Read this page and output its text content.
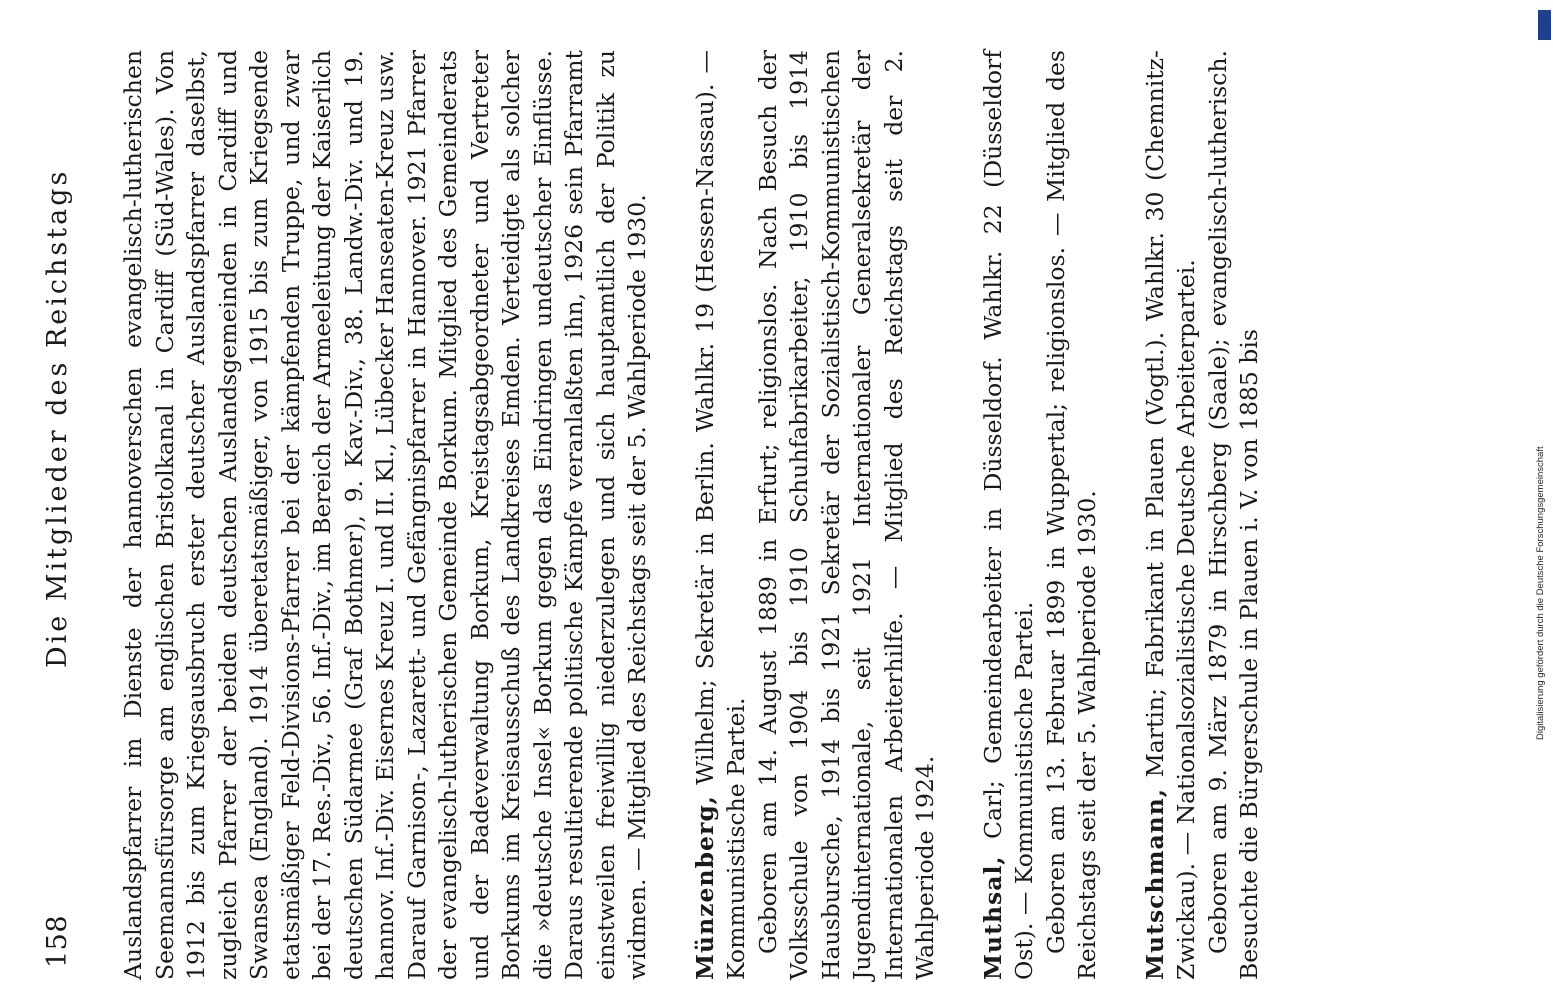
158
Die Mitglieder des Reichstags Auslandspfarrer im Dienste der hannoverschen evangelisch-lutherischen Seemannsfürsorge am englischen Bristolkanal in Cardiff (Süd-Wales). Von 1912 bis zum Kriegsausbruch erster deutscher Auslandspfarrer daselbst, zugleich Pfarrer der beiden deutschen Auslandsgemeinden in Cardiff und Swansea (England). 1914 überetatsmäßiger, von 1915 bis zum Kriegsende etatsmäßiger Feld-Divisions-Pfarrer bei der kämpfenden Truppe, und zwar bei der 17. Res.-Div., 56. Inf.-Div., im Bereich der Armeeleitung der Kaiserlich deutschen Südarmee (Graf Bothmer), 9. Kav.-Div., 38. Landw.-Div. und 19. hannov. Inf.-Div. Eisernes Kreuz I. und II. Kl., Lübecker Hanseaten-Kreuz usw. Darauf Garnison-, Lazarett- und Gefängnispfarrer in Hannover. 1921 Pfarrer der evangelisch-lutherischen Gemeinde Borkum. Mitglied des Gemeinderats und der Badeverwaltung Borkum, Kreistagsabgeordneter und Vertreter Borkums im Kreisausschuß des Landkreises Emden. Verteidigte als solcher die »deutsche Insel« Borkum gegen das Eindringen undeutscher Einflüsse. Daraus resultierende politische Kämpfe veranlaßten ihn, 1926 sein Pfarramt einstweilen freiwillig niederzulegen und sich hauptamtlich der Politik zu widmen. — Mitglied des Reichstags seit der 5. Wahlperiode 1930. Münzenberg, Wilhelm; Sekretär in Berlin. Wahlkr. 19 (Hessen-Nassau). — Kommunistische Partei. Geboren am 14. August 1889 in Erfurt; religionslos. Nach Besuch der Volksschule von 1904 bis 1910 Schuhfabrikarbeiter, 1910 bis 1914 Hausbursche, 1914 bis 1921 Sekretär der Sozialistisch-Kommunistischen Jugendinternationale, seit 1921 Internationaler Generalsekretär der Internationalen Arbeiterhilfe. — Mitglied des Reichstags seit der 2. Wahlperiode 1924. Muthsal, Carl; Gemeindearbeiter in Düsseldorf. Wahlkr. 22 (Düsseldorf Ost). — Kommunistische Partei. Geboren am 13. Februar 1899 in Wuppertal; religionslos. — Mitglied des Reichstags seit der 5. Wahlperiode 1930. Mutschmann, Martin; Fabrikant in Plauen (Vogtl.). Wahlkr. 30 (Chemnitz-Zwickau). — Nationalsozialistische Deutsche Arbeiterpartei. Geboren am 9. März 1879 in Hirschberg (Saale); evangelisch-lutherisch. Besuchte die Bürgerschule in Plauen i. V. von 1885 bis	Digitalisierung gefördert durch die Deutsche Forschungsgemeinschaft
